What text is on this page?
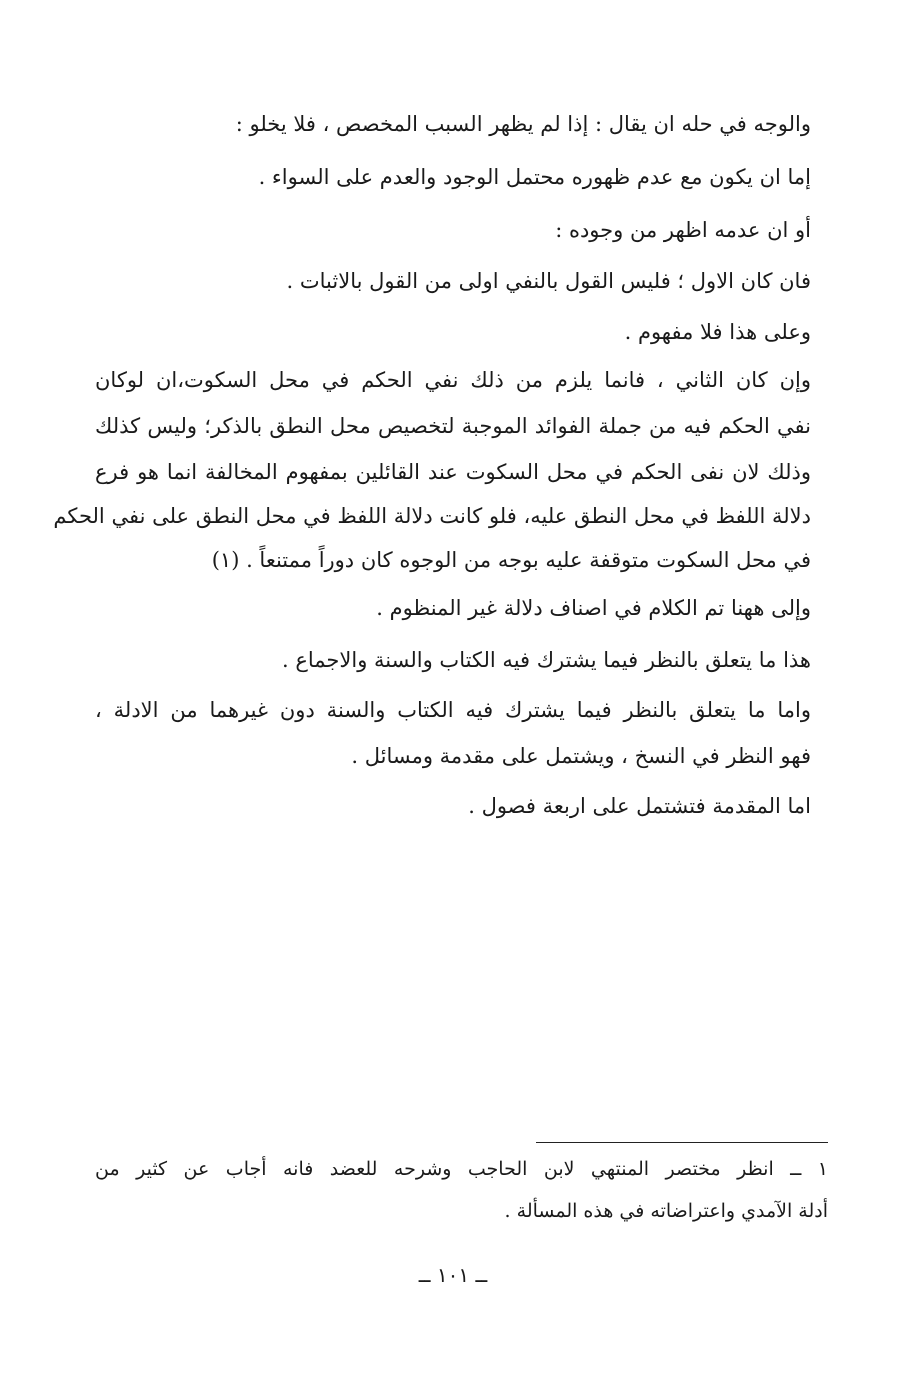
والوجه في حله ان يقال : إذا لم يظهر السبب المخصص ، فلا يخلو :
إما ان يكون مع عدم ظهوره محتمل الوجود والعدم على السواء .
أو ان عدمه اظهر من وجوده :
فان كان الاول ؛ فليس القول بالنفي اولى من القول بالاثبات .
وعلى هذا فلا مفهوم .
وإن كان الثاني ، فانما يلزم من ذلك نفي الحكم في محل السكوت،ان لوكان
نفي الحكم فيه من جملة الفوائد الموجبة لتخصيص محل النطق بالذكر؛ وليس كذلك
وذلك لان نفى الحكم في محل السكوت عند القائلين بمفهوم المخالفة انما هو فرع
دلالة اللفظ في محل النطق عليه، فلو كانت دلالة اللفظ في محل النطق على نفي الحكم
في محل السكوت متوقفة عليه بوجه من الوجوه كان دوراً ممتنعاً . (١)
وإلى ههنا تم الكلام في اصناف دلالة غير المنظوم .
هذا ما يتعلق بالنظر فيما يشترك فيه الكتاب والسنة والاجماع .
واما ما يتعلق بالنظر فيما يشترك فيه الكتاب والسنة دون غيرهما من الادلة ،
فهو النظر في النسخ ، ويشتمل على مقدمة ومسائل .
اما المقدمة فتشتمل على اربعة فصول .
١ ــ انظر مختصر المنتهي لابن الحاجب وشرحه للعضد فانه أجاب عن كثير من
أدلة الآمدي واعتراضاته في هذه المسألة .
ــ ١٠١ ــ
